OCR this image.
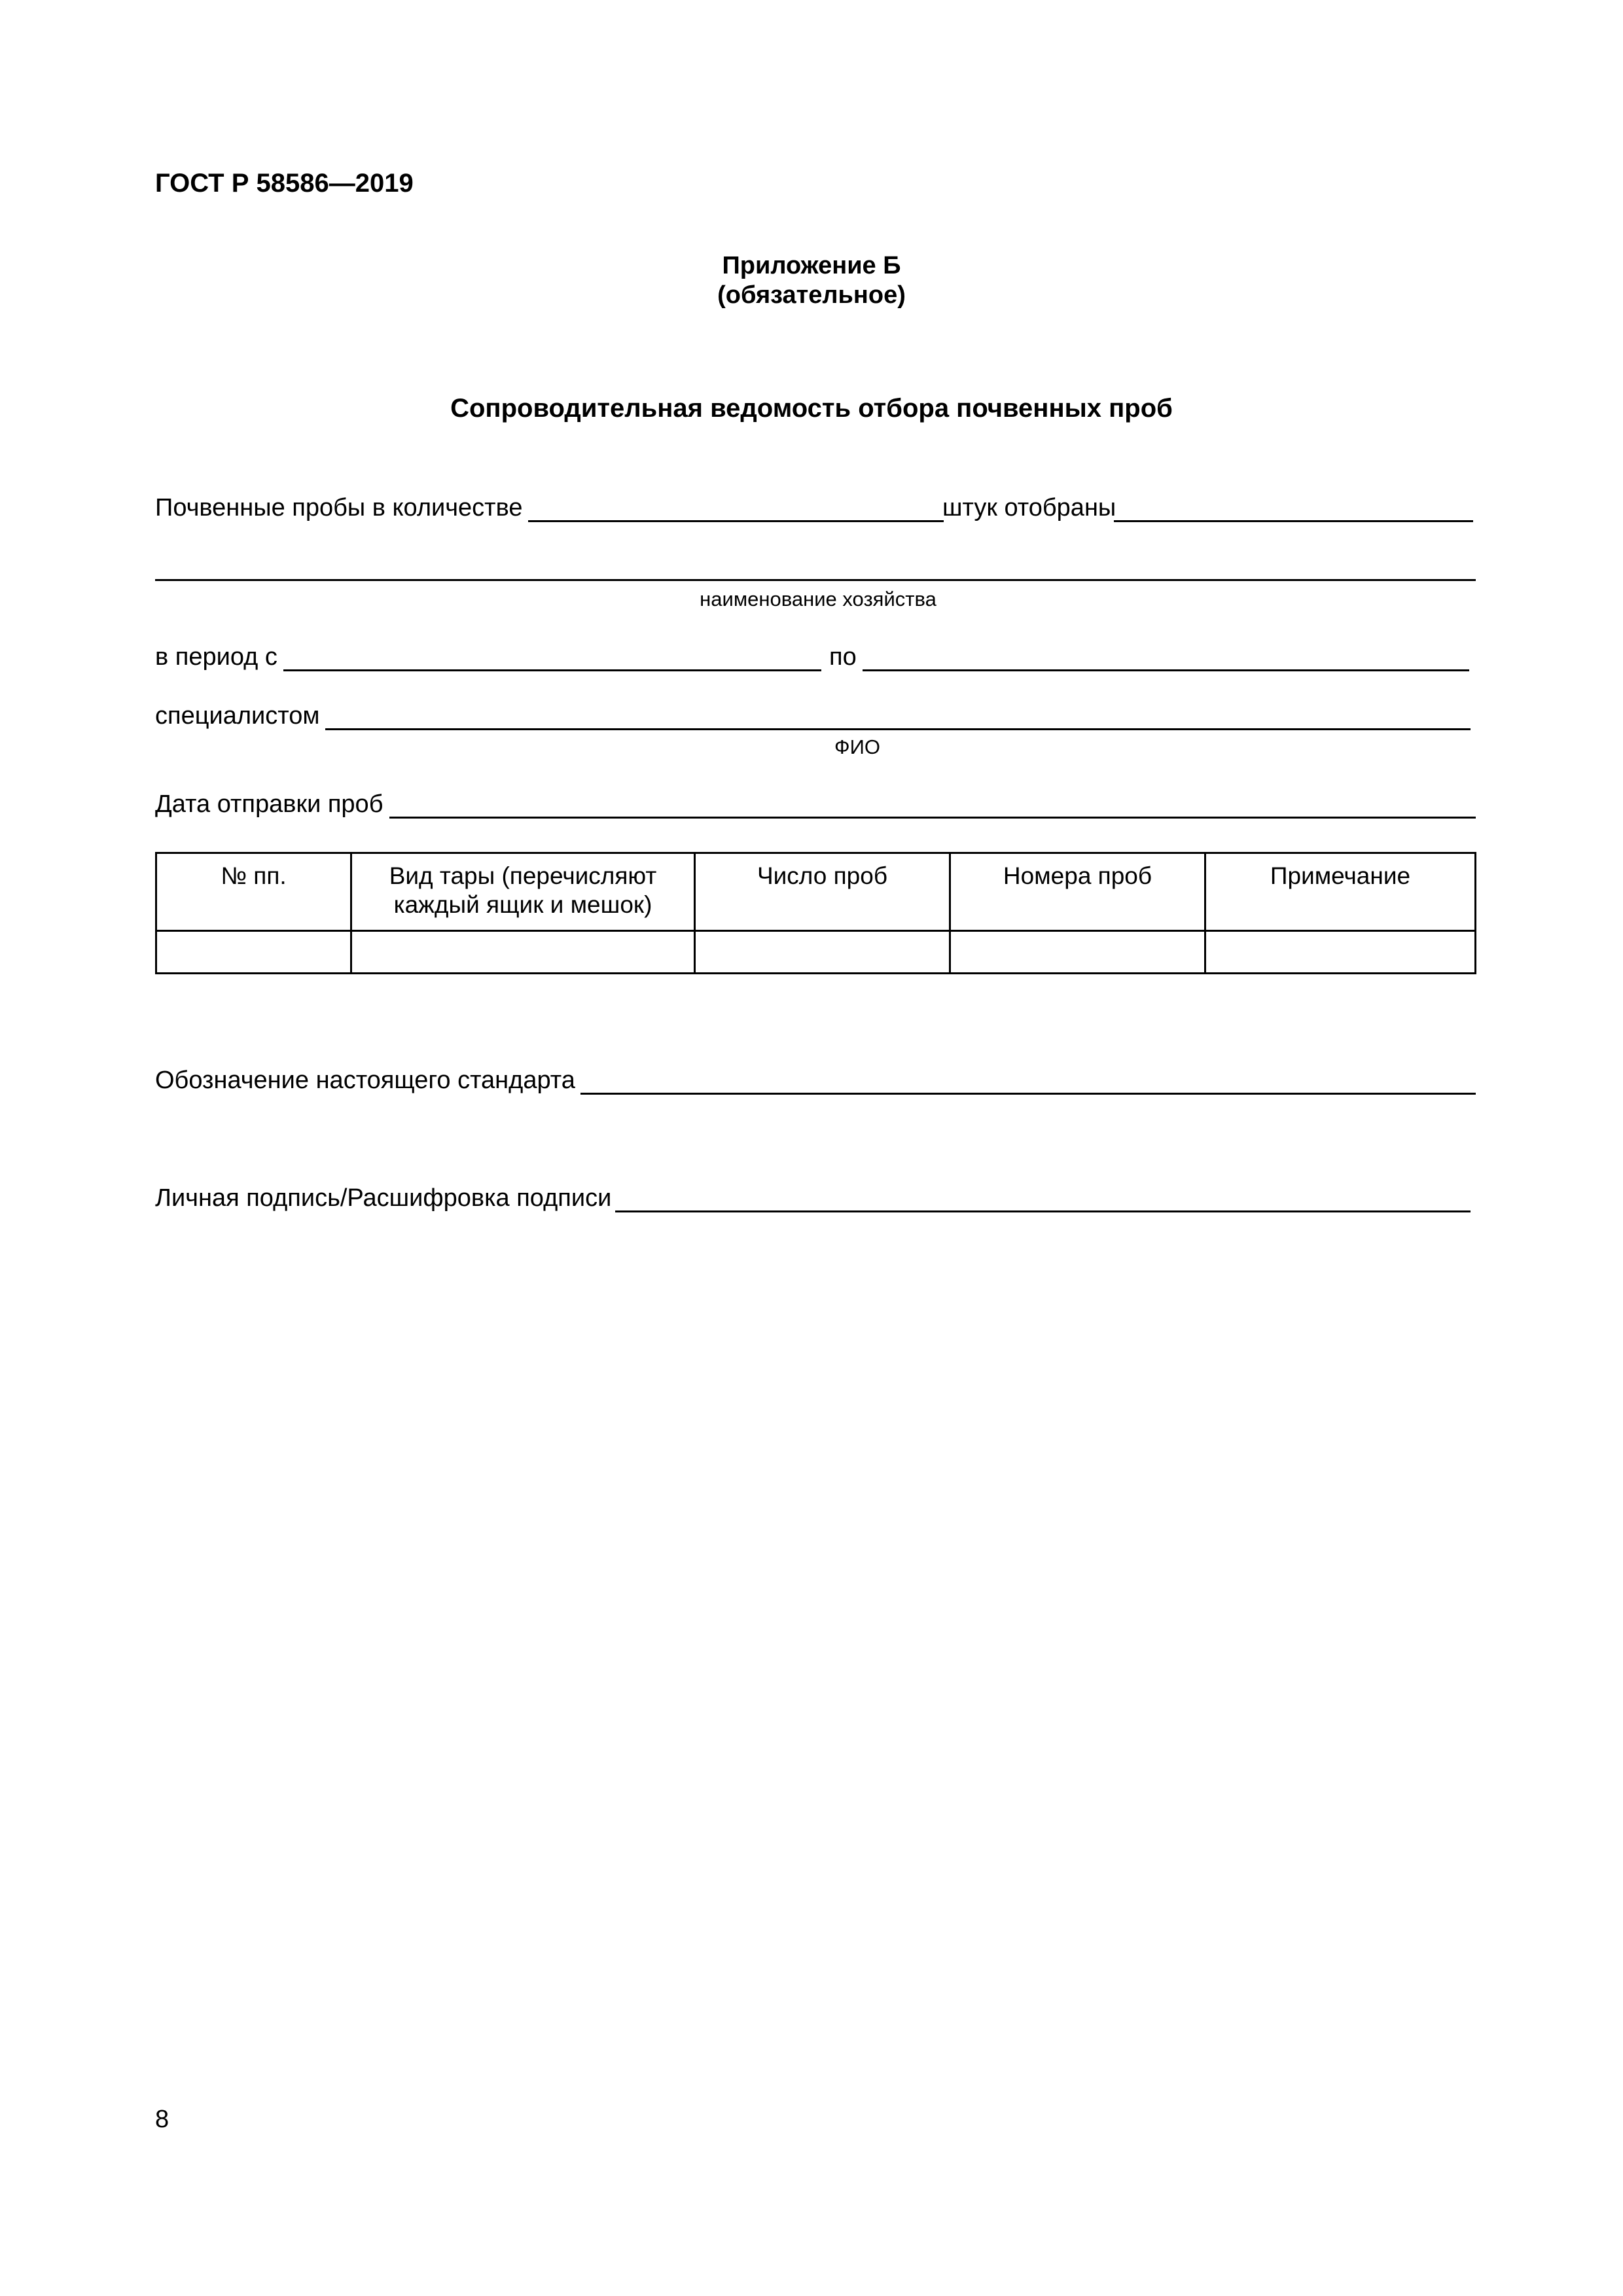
ГОСТ Р 58586—2019
Приложение Б
(обязательное)
Сопроводительная ведомость отбора почвенных проб
Почвенные пробы в количестве	штук отобраны
наименование хозяйства
в период с	по
специалистом
ФИО
Дата отправки проб
№ пп.	Вид тары (перечисляют каждый ящик и мешок)	Число проб	Номера проб	Примечание

Обозначение настоящего стандарта
Личная подпись/Расшифровка подписи
8
